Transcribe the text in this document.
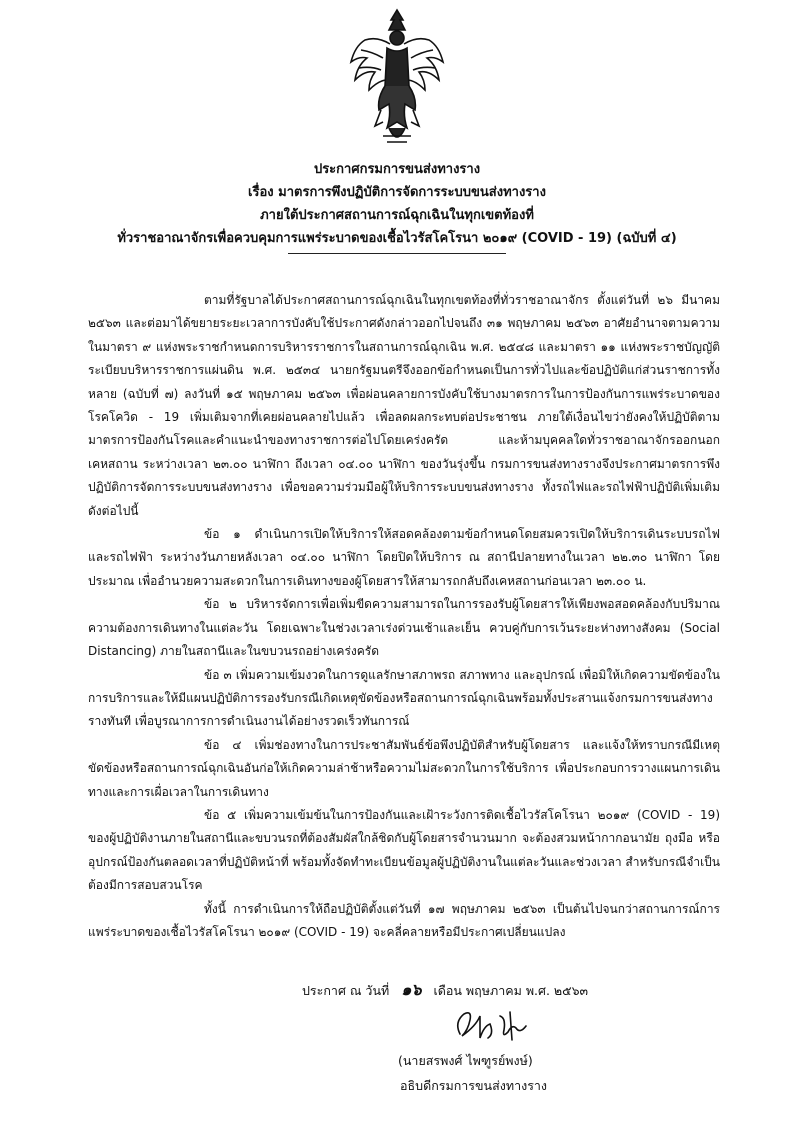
ประกาศกรมการขนส่งทางราง
เรื่อง มาตรการพึงปฏิบัติการจัดการระบบขนส่งทางราง
ภายใต้ประกาศสถานการณ์ฉุกเฉินในทุกเขตท้องที่
ทั่วราชอาณาจักรเพื่อควบคุมการแพร่ระบาดของเชื้อไวรัสโคโรนา ๒๐๑๙ (COVID - 19) (ฉบับที่ ๔)

ตามที่รัฐบาลได้ประกาศสถานการณ์ฉุกเฉินในทุกเขตท้องที่ทั่วราชอาณาจักร ตั้งแต่วันที่ ๒๖ มีนาคม ๒๕๖๓ และต่อมาได้ขยายระยะเวลาการบังคับใช้ประกาศดังกล่าวออกไปจนถึง ๓๑ พฤษภาคม ๒๕๖๓ อาศัยอำนาจตามความในมาตรา ๙ แห่งพระราชกำหนดการบริหารราชการในสถานการณ์ฉุกเฉิน พ.ศ. ๒๕๔๘ และมาตรา ๑๑ แห่งพระราชบัญญัติระเบียบบริหารราชการแผ่นดิน พ.ศ. ๒๕๓๔ นายกรัฐมนตรีจึงออกข้อกำหนดเป็นการทั่วไปและข้อปฏิบัติแก่ส่วนราชการทั้งหลาย (ฉบับที่ ๗) ลงวันที่ ๑๕ พฤษภาคม ๒๕๖๓ เพื่อผ่อนคลายการบังคับใช้บางมาตรการในการป้องกันการแพร่ระบาดของโรคโควิด - 19 เพิ่มเติมจากที่เคยผ่อนคลายไปแล้ว เพื่อลดผลกระทบต่อประชาชน ภายใต้เงื่อนไขว่ายังคงให้ปฏิบัติตามมาตรการป้องกันโรคและคำแนะนำของทางราชการต่อไปโดยเคร่งครัด และห้ามบุคคลใดทั่วราชอาณาจักรออกนอกเคหสถาน ระหว่างเวลา ๒๓.๐๐ นาฬิกา ถึงเวลา ๐๔.๐๐ นาฬิกา ของวันรุ่งขึ้น กรมการขนส่งทางรางจึงประกาศมาตรการพึงปฏิบัติการจัดการระบบขนส่งทางราง เพื่อขอความร่วมมือผู้ให้บริการระบบขนส่งทางราง ทั้งรถไฟและรถไฟฟ้าปฏิบัติเพิ่มเติม ดังต่อไปนี้

ข้อ ๑ ดำเนินการเปิดให้บริการให้สอดคล้องตามข้อกำหนดโดยสมควรเปิดให้บริการเดินระบบรถไฟและรถไฟฟ้า ระหว่างวันภายหลังเวลา ๐๔.๐๐ นาฬิกา โดยปิดให้บริการ ณ สถานีปลายทางในเวลา ๒๒.๓๐ นาฬิกา โดยประมาณ เพื่ออำนวยความสะดวกในการเดินทางของผู้โดยสารให้สามารถกลับถึงเคหสถานก่อนเวลา ๒๓.๐๐ น.

ข้อ ๒ บริหารจัดการเพื่อเพิ่มขีดความสามารถในการรองรับผู้โดยสารให้เพียงพอสอดคล้องกับปริมาณความต้องการเดินทางในแต่ละวัน โดยเฉพาะในช่วงเวลาเร่งด่วนเช้าและเย็น ควบคู่กับการเว้นระยะห่างทางสังคม (Social Distancing) ภายในสถานีและในขบวนรถอย่างเคร่งครัด

ข้อ ๓ เพิ่มความเข้มงวดในการดูแลรักษาสภาพรถ สภาพทาง และอุปกรณ์ เพื่อมิให้เกิดความขัดข้องในการบริการและให้มีแผนปฏิบัติการรองรับกรณีเกิดเหตุขัดข้องหรือสถานการณ์ฉุกเฉินพร้อมทั้งประสานแจ้งกรมการขนส่งทางรางทันที เพื่อบูรณาการการดำเนินงานได้อย่างรวดเร็วทันการณ์

ข้อ ๔ เพิ่มช่องทางในการประชาสัมพันธ์ข้อพึงปฏิบัติสำหรับผู้โดยสาร และแจ้งให้ทราบกรณีมีเหตุขัดข้องหรือสถานการณ์ฉุกเฉินอันก่อให้เกิดความล่าช้าหรือความไม่สะดวกในการใช้บริการ เพื่อประกอบการวางแผนการเดินทางและการเผื่อเวลาในการเดินทาง

ข้อ ๕ เพิ่มความเข้มข้นในการป้องกันและเฝ้าระวังการติดเชื้อไวรัสโคโรนา ๒๐๑๙ (COVID - 19) ของผู้ปฏิบัติงานภายในสถานีและขบวนรถที่ต้องสัมผัสใกล้ชิดกับผู้โดยสารจำนวนมาก จะต้องสวมหน้ากากอนามัย ถุงมือ หรืออุปกรณ์ป้องกันตลอดเวลาที่ปฏิบัติหน้าที่ พร้อมทั้งจัดทำทะเบียนข้อมูลผู้ปฏิบัติงานในแต่ละวันและช่วงเวลา สำหรับกรณีจำเป็นต้องมีการสอบสวนโรค

ทั้งนี้ การดำเนินการให้ถือปฏิบัติตั้งแต่วันที่ ๑๗ พฤษภาคม ๒๕๖๓ เป็นต้นไปจนกว่าสถานการณ์การแพร่ระบาดของเชื้อไวรัสโคโรนา ๒๐๑๙ (COVID - 19) จะคลี่คลายหรือมีประกาศเปลี่ยนแปลง

ประกาศ ณ วันที่ ๑๖ เดือน พฤษภาคม พ.ศ. ๒๕๖๓
(นายสรพงศ์ ไพฑูรย์พงษ์)
อธิบดีกรมการขนส่งทางราง
